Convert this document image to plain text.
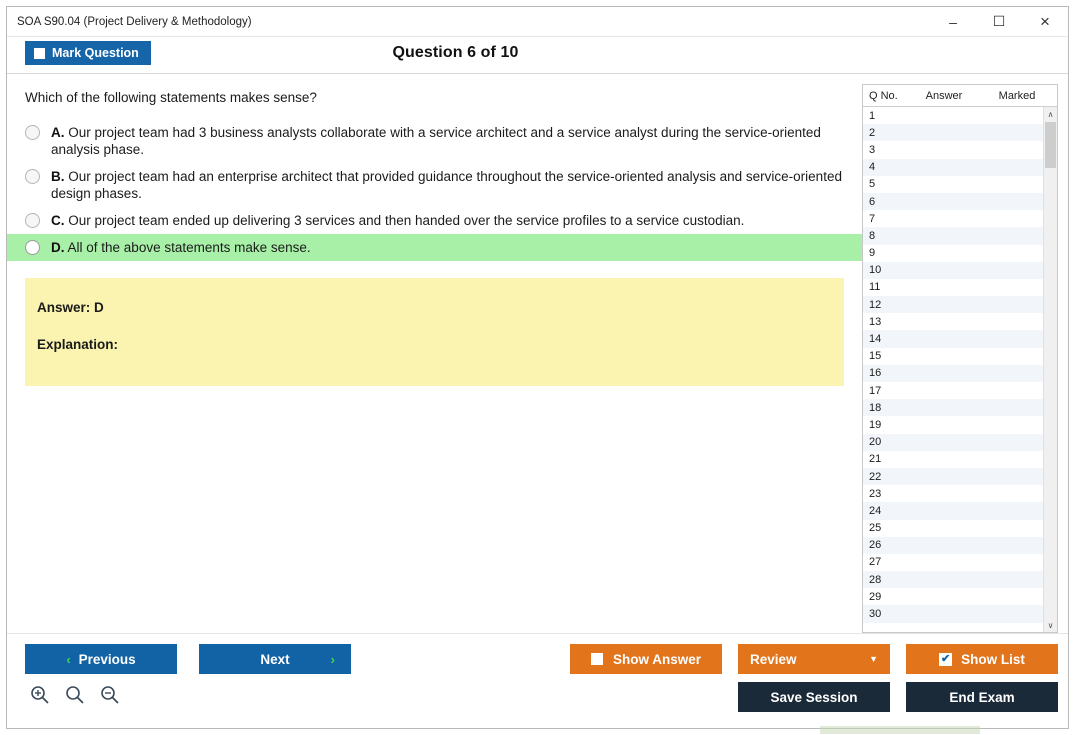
SOA S90.04 (Project Delivery & Methodology)	–	☐ ×
Mark Question	Question 6 of 10
Which of the following statements makes sense?
A. Our project team had 3 business analysts collaborate with a service architect and a service analyst during the service-oriented analysis phase.
B. Our project team had an enterprise architect that provided guidance throughout the service-oriented analysis and service-oriented design phases.
C. Our project team ended up delivering 3 services and then handed over the service profiles to a service custodian.
D. All of the above statements make sense.
Answer: D
Explanation:
Q No.	Answer	Marked
1
2
3
4
5
6
7
8
9
10
11
12
13
14
15
16
17
18
19
20
21
22
23
24
25
26
27
28
29
30
∧
∨
‹ Previous	Next	›	Show Answer	Review	▼	✔ Show List
Save Session	End Exam
